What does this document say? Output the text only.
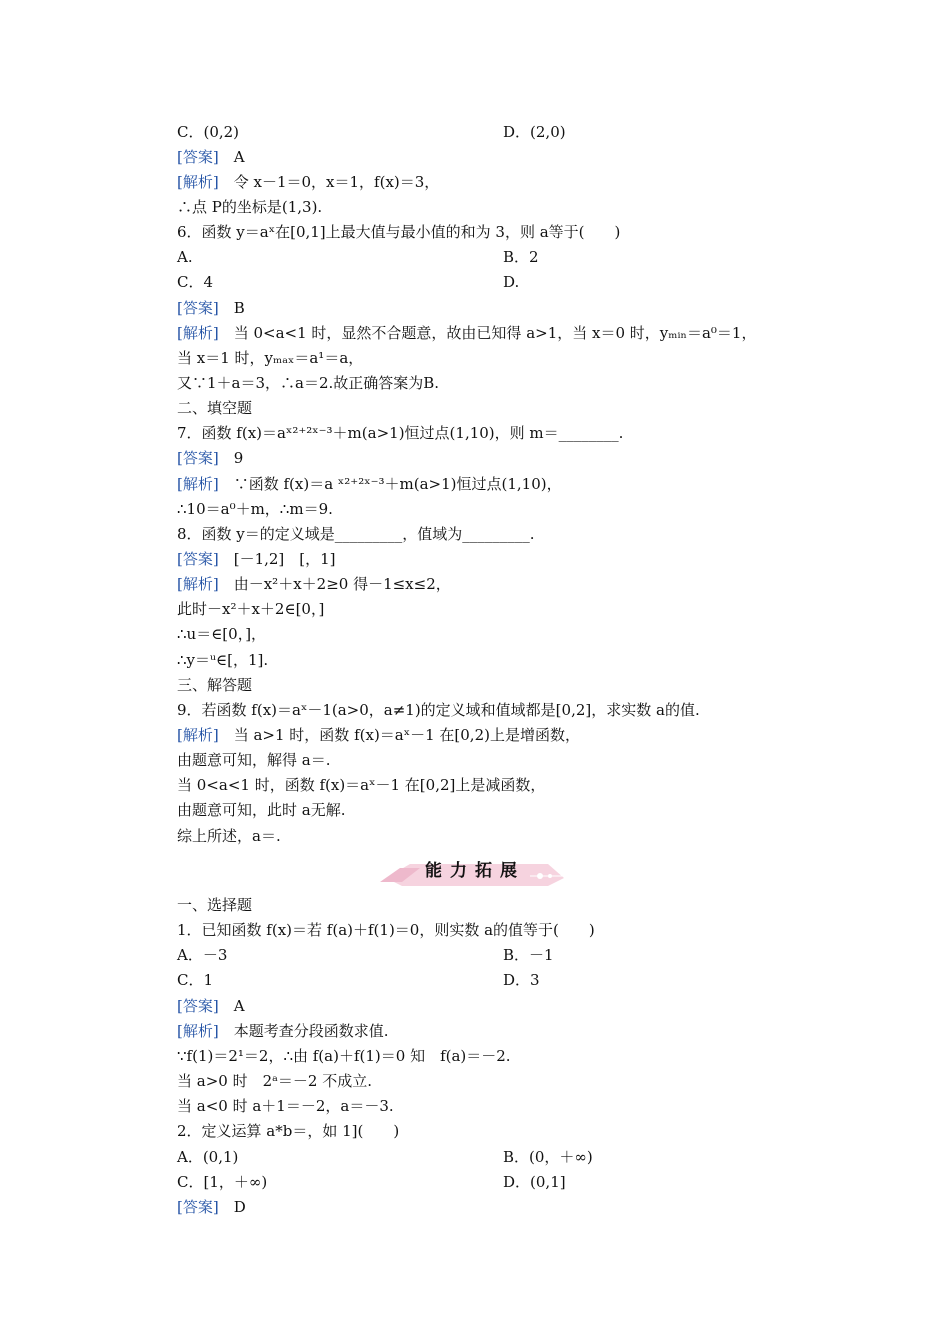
C．(0,2)	D．(2,0)
[答案]　A
[解析]　令 x－1＝0，x＝1，f(x)＝3，
∴点 P的坐标是(1,3).
6．函数 y＝aˣ在[0,1]上最大值与最小值的和为 3，则 a等于(　　)
A.	B．2
C．4	D.
[答案]　B
[解析]　当 0<a<1 时，显然不合题意，故由已知得 a>1，当 x＝0 时，yₘᵢₙ＝a⁰＝1，
当 x＝1 时，yₘₐₓ＝a¹＝a，
又∵1＋a＝3，∴a＝2.故正确答案为B.
二、填空题
7．函数 f(x)＝aˣ²⁺²ˣ⁻³＋m(a>1)恒过点(1,10)，则 m＝________.
[答案]　9
[解析]　∵函数 f(x)＝a ˣ²⁺²ˣ⁻³＋m(a>1)恒过点(1,10)，
∴10＝a⁰＋m，∴m＝9.
8．函数 y＝的定义域是_________，值域为_________.
[答案]　[－1,2]　[，1]
[解析]　由－x²＋x＋2≥0 得－1≤x≤2，
此时－x²＋x＋2∈[0，]
∴u＝∈[0，]，
∴y＝ᵘ∈[，1].
三、解答题
9．若函数 f(x)＝aˣ－1(a>0，a≠1)的定义域和值域都是[0,2]，求实数 a的值.
[解析]　当 a>1 时，函数 f(x)＝aˣ－1 在[0,2)上是增函数，
由题意可知，解得 a＝.
当 0<a<1 时，函数 f(x)＝aˣ－1 在[0,2]上是减函数，
由题意可知，此时 a无解.
综上所述，a＝.
能力拓展
一、选择题
1．已知函数 f(x)＝若 f(a)＋f(1)＝0，则实数 a的值等于(　　)
A．－3	B．－1
C．1	D．3
[答案]　A
[解析]　本题考查分段函数求值.
∵f(1)＝2¹＝2，∴由 f(a)＋f(1)＝0 知　f(a)＝－2.
当 a>0 时　2ᵃ＝－2 不成立.
当 a<0 时 a＋1＝－2，a＝－3.
2．定义运算 a*b＝，如 1](　　)
A．(0,1)	B．(0，＋∞)
C．[1，＋∞)	D．(0,1]
[答案]　D
